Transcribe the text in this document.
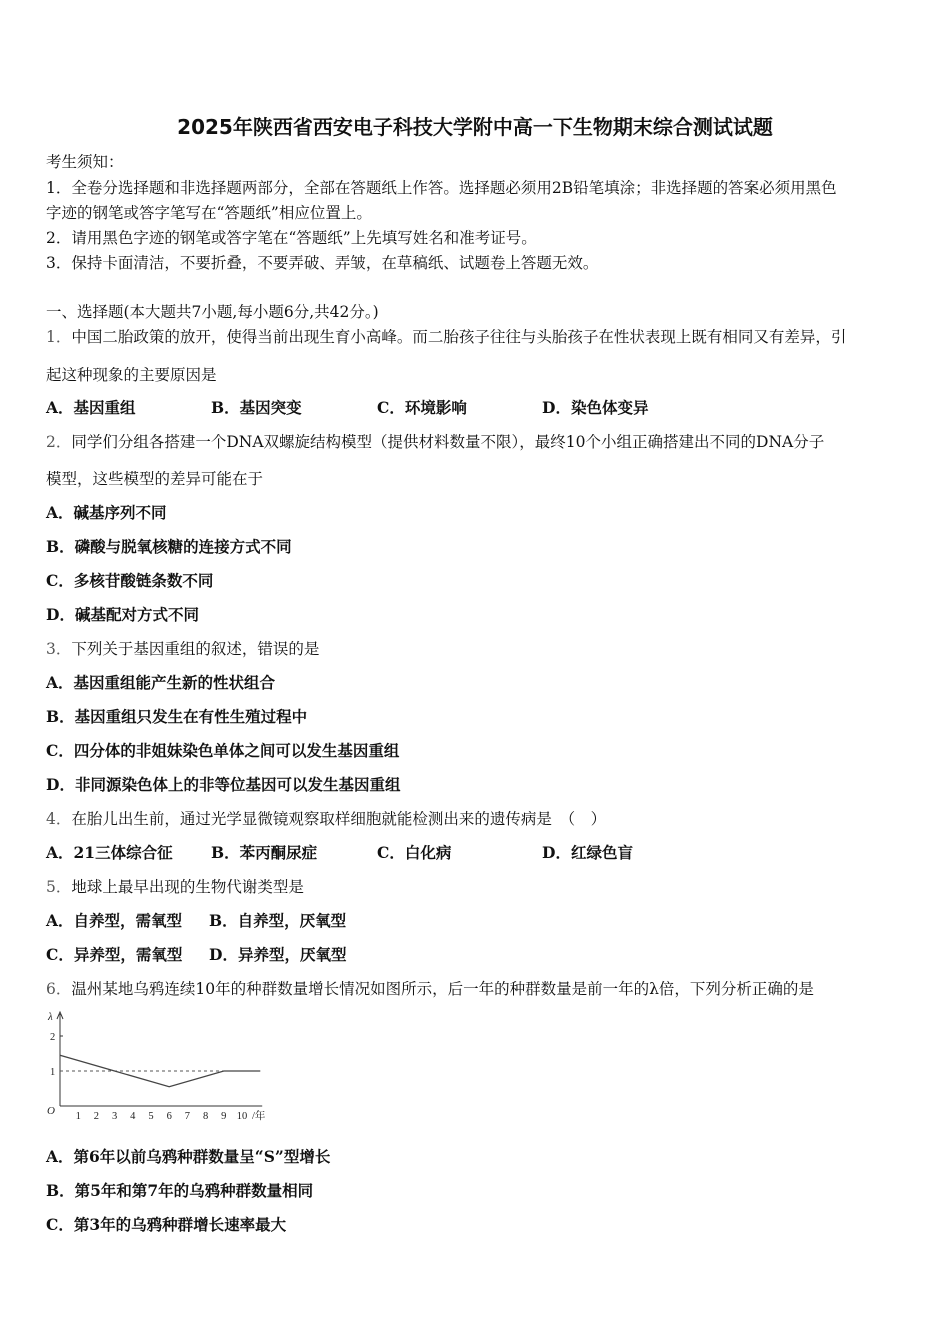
2025年陕西省西安电子科技大学附中高一下生物期末综合测试试题
考生须知：
1．全卷分选择题和非选择题两部分，全部在答题纸上作答。选择题必须用2B铅笔填涂；非选择题的答案必须用黑色
字迹的钢笔或答字笔写在“答题纸”相应位置上。
2．请用黑色字迹的钢笔或答字笔在“答题纸”上先填写姓名和准考证号。
3．保持卡面清洁，不要折叠，不要弄破、弄皱，在草稿纸、试题卷上答题无效。
一、选择题(本大题共7小题,每小题6分,共42分。)
1．中国二胎政策的放开，使得当前出现生育小高峰。而二胎孩子往往与头胎孩子在性状表现上既有相同又有差异，引
起这种现象的主要原因是
A．基因重组	B．基因突变	C．环境影响	D．染色体变异
2．同学们分组各搭建一个DNA双螺旋结构模型（提供材料数量不限），最终10个小组正确搭建出不同的DNA分子
模型，这些模型的差异可能在于
A．碱基序列不同
B．磷酸与脱氧核糖的连接方式不同
C．多核苷酸链条数不同
D．碱基配对方式不同
3．下列关于基因重组的叙述，错误的是
A．基因重组能产生新的性状组合
B．基因重组只发生在有性生殖过程中
C．四分体的非姐妹染色单体之间可以发生基因重组
D．非同源染色体上的非等位基因可以发生基因重组
4．在胎儿出生前，通过光学显微镜观察取样细胞就能检测出来的遗传病是　（　）
A．21三体综合征 B．苯丙酮尿症	C．白化病	D．红绿色盲
5．地球上最早出现的生物代谢类型是
A．自养型，需氧型 B．自养型，厌氧型
C．异养型，需氧型 D．异养型，厌氧型
6．温州某地乌鸦连续10年的种群数量增长情况如图所示，后一年的种群数量是前一年的λ倍，下列分析正确的是
λ
O 1 2 3 4 5 6 7 8 9 10 /年
1
2
A．第6年以前乌鸦种群数量呈“S”型增长
B．第5年和第7年的乌鸦种群数量相同
C．第3年的乌鸦种群增长速率最大
